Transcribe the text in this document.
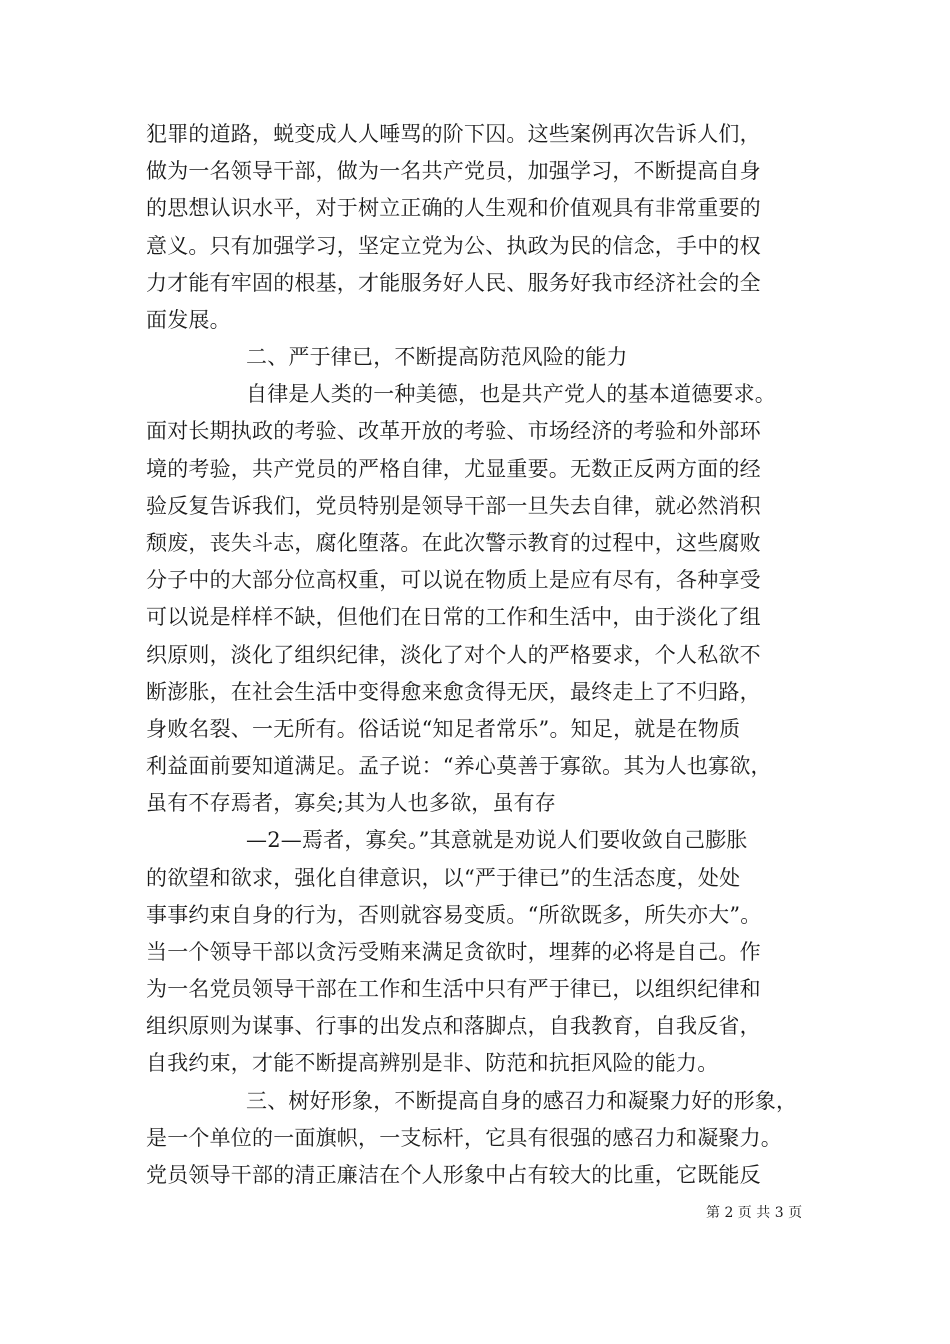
犯罪的道路，蜕变成人人唾骂的阶下囚。这些案例再次告诉人们，
做为一名领导干部，做为一名共产党员，加强学习，不断提高自身
的思想认识水平，对于树立正确的人生观和价值观具有非常重要的
意义。只有加强学习，坚定立党为公、执政为民的信念，手中的权
力才能有牢固的根基，才能服务好人民、服务好我市经济社会的全
面发展。
二、严于律已，不断提高防范风险的能力
自律是人类的一种美德，也是共产党人的基本道德要求。
面对长期执政的考验、改革开放的考验、市场经济的考验和外部环
境的考验，共产党员的严格自律，尤显重要。无数正反两方面的经
验反复告诉我们，党员特别是领导干部一旦失去自律，就必然消积
颓废，丧失斗志，腐化堕落。在此次警示教育的过程中，这些腐败
分子中的大部分位高权重，可以说在物质上是应有尽有，各种享受
可以说是样样不缺，但他们在日常的工作和生活中，由于淡化了组
织原则，淡化了组织纪律，淡化了对个人的严格要求，个人私欲不
断澎胀，在社会生活中变得愈来愈贪得无厌，最终走上了不归路，
身败名裂、一无所有。俗话说“知足者常乐”。知足，就是在物质
利益面前要知道满足。孟子说：“养心莫善于寡欲。其为人也寡欲，
虽有不存焉者，寡矣;其为人也多欲，虽有存
—2—焉者，寡矣。”其意就是劝说人们要收敛自己膨胀
的欲望和欲求，强化自律意识，以“严于律已”的生活态度，处处
事事约束自身的行为，否则就容易变质。“所欲既多，所失亦大”。
当一个领导干部以贪污受贿来满足贪欲时，埋葬的必将是自己。作
为一名党员领导干部在工作和生活中只有严于律已，以组织纪律和
组织原则为谋事、行事的出发点和落脚点，自我教育，自我反省，
自我约束，才能不断提高辨别是非、防范和抗拒风险的能力。
三、树好形象，不断提高自身的感召力和凝聚力好的形象，
是一个单位的一面旗帜，一支标杆，它具有很强的感召力和凝聚力。
党员领导干部的清正廉洁在个人形象中占有较大的比重，它既能反
第 2 页 共 3 页
